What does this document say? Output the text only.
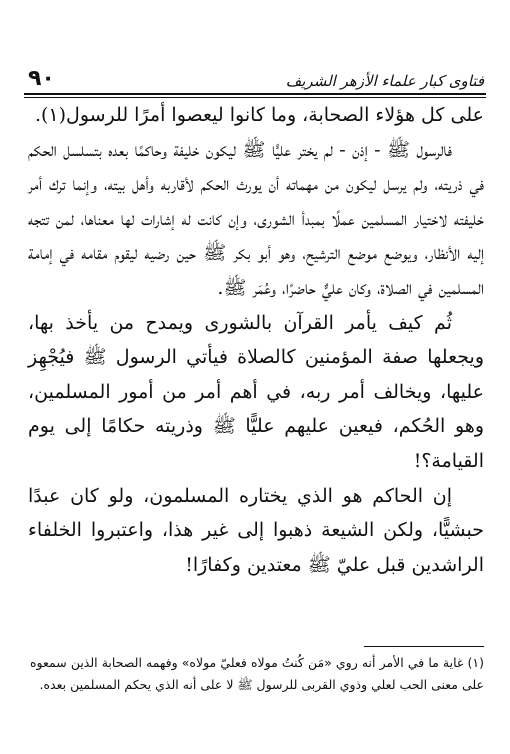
٩٠	فتاوى كبار علماء الأزهر الشريف

على كل هؤلاء الصحابة، وما كانوا ليعصوا أمرًا للرسول(١).

فالرسول ﷺ - إذن - لم يختر عليًّا ﷺ ليكون خليفة وحاكمًا بعده بتسلسل الحكم في ذريته، ولم يرسل ليكون من مهماته أن يورث الحكم لأقاربه وأهل بيته، وإنما ترك أمر خليفته لاختيار المسلمين عملًا بمبدأ الشورى، وإن كانت له إشارات لها معناها، لمن تتجه إليه الأنظار، ويوضع موضع الترشيح، وهو أبو بكر ﷺ حين رضيه ليقوم مقامه في إمامة المسلمين في الصلاة، وكان عليٌّ حاضرًا، وعُمَر ﷺ.

ثُم كيف يأمر القرآن بالشورى ويمدح من يأخذ بها، ويجعلها صفة المؤمنين كالصلاة فيأتي الرسول ﷺ فيُجْهِز عليها، ويخالف أمر ربه، في أهم أمر من أمور المسلمين، وهو الحُكم، فيعين عليهم عليًّا ﷺ وذريته حكامًا إلى يوم القيامة؟!

إن الحاكم هو الذي يختاره المسلمون، ولو كان عبدًا حبشيًّا، ولكن الشيعة ذهبوا إلى غير هذا، واعتبروا الخلفاء الراشدين قبل عليّ ﷺ معتدين وكفارًا!

(١) غاية ما في الأمر أنه روي «مَن كُنتُ مولاه فعليّ مولاه» وفهمه الصحابة الذين سمعوه على معنى الحب لعلي وذوي القربى للرسول ﷺ لا على أنه الذي يحكم المسلمين بعده.
